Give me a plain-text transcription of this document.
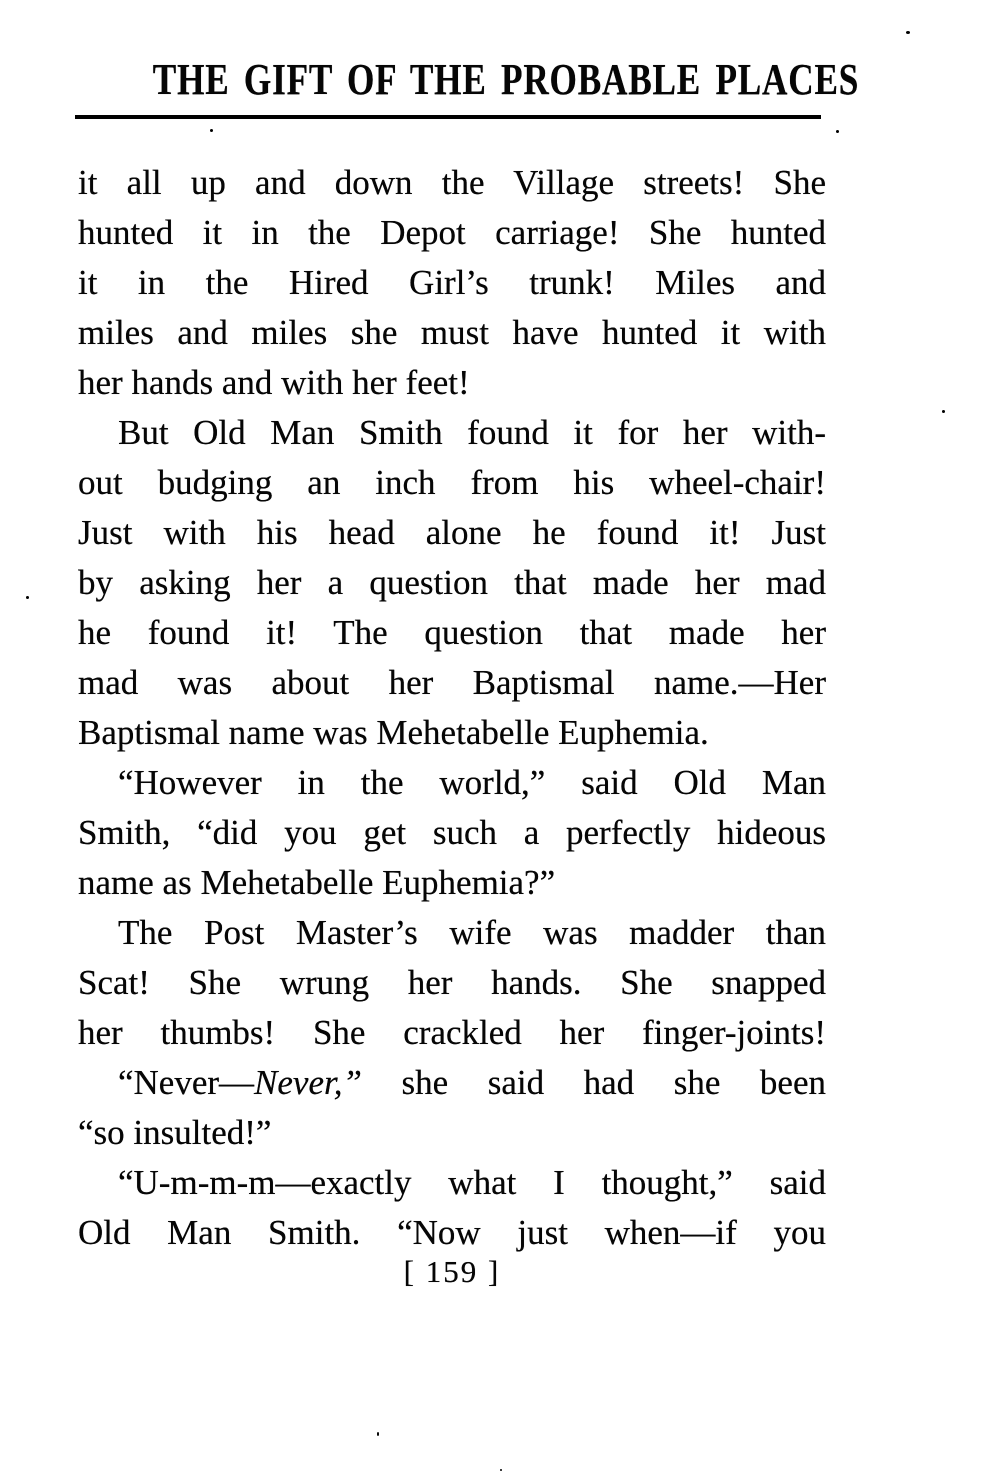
THE GIFT OF THE PROBABLE PLACES
it all up and down the Village streets! She
hunted it in the Depot carriage! She hunted
it in the Hired Girl’s trunk! Miles and
miles and miles she must have hunted it with
her hands and with her feet!
But Old Man Smith found it for her with-
out budging an inch from his wheel-chair!
Just with his head alone he found it! Just
by asking her a question that made her mad
he found it! The question that made her
mad was about her Baptismal name.—Her
Baptismal name was Mehetabelle Euphemia.
“However in the world,” said Old Man
Smith, “did you get such a perfectly hideous
name as Mehetabelle Euphemia?”
The Post Master’s wife was madder than
Scat! She wrung her hands. She snapped
her thumbs! She crackled her finger-joints!
“Never—Never,” she said had she been
“so insulted!”
“U-m-m-m—exactly what I thought,” said
Old Man Smith. “Now just when—if you
[ 159 ]
